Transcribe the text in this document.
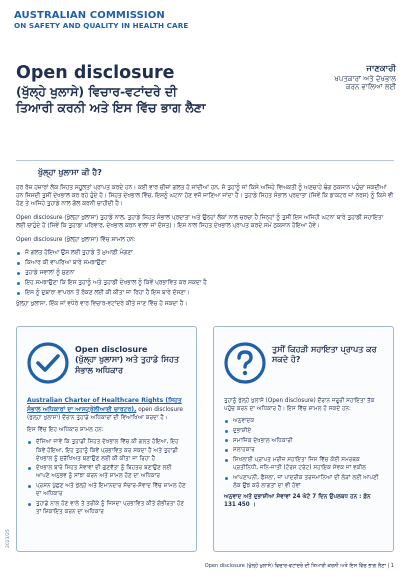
AUSTRALIAN COMMISSION
ON SAFETY AND QUALITY IN HEALTH CARE
ਜਾਣਕਾਰੀ
ਖਪਤਕਾਰਾਂ ਅਤੇ ਦੇਖਭਾਲ
ਕਰਨ ਵਾਲਿਆਂ ਲਈ
Open disclosure
(ਖੁੱਲ੍ਹੇ ਖੁਲਾਸੇ) ਵਿਚਾਰ-ਵਟਾਂਦਰੇ ਦੀ
ਤਿਆਰੀ ਕਰਨੀ ਅਤੇ ਇਸ ਵਿੱਚ ਭਾਗ ਲੈਣਾ
ਖੁੱਲ੍ਹਾ ਖੁਲਾਸਾ ਕੀ ਹੈ?

ਹਰ ਰੋਜ਼ ਹਜ਼ਾਰਾਂ ਲੋਕ ਸਿਹਤ ਸਹੂਲਤਾਂ ਪ੍ਰਾਪਤ ਕਰਦੇ ਹਨ। ਕਈ ਵਾਰ ਚੀਜ਼ਾਂ ਗਲਤ ਹੋ ਜਾਂਦੀਆਂ ਹਨ, ਜੋ ਤੁਹਾਨੂੰ ਜਾਂ ਕਿਸੇ ਅਜਿਹੇ ਵਿਅਕਤੀ ਨੂੰ ਅਣਚਾਹੇ ਢੰਗ ਨੁਕਸਾਨ ਪਹੁੰਚਾ ਸਕਦੀਆਂ ਹਨ ਜਿਸਦੀ ਤੁਸੀਂ ਦੇਖਭਾਲ ਕਰ ਰਹੇ ਹੁੰਦੇ ਹੋ। ਸਿਹਤ ਦੇਖਭਾਲ ਵਿੱਚ, ਇਸਨੂੰ ਘਟਨਾ ਹੋਣ ਵਜੋਂ ਜਾਣਿਆ ਜਾਂਦਾ ਹੈ। ਤੁਹਾਡੇ ਸਿਹਤ ਸੰਭਾਲ ਪ੍ਰਦਾਤਾ (ਜਿਵੇਂ ਕਿ ਡਾਕਟਰ ਜਾਂ ਨਰਸ) ਨੂੰ ਕਿਸੇ ਵੀ ਹੋਣ ਤੇ ਅਜਿਹੇ ਤੁਹਾਡੇ ਨਾਲ ਗੱਲ ਕਰਨੀ ਚਾਹੀਦੀ ਹੈ।

Open disclosure (ਖੁੱਲ੍ਹਾ ਖੁਲਾਸਾ) ਤੁਹਾਡੇ ਨਾਲ, ਤੁਹਾਡੇ ਸਿਹਤ ਸੰਭਾਲ ਪ੍ਰਦਾਤਾ ਅਤੇ ਉਨ੍ਹਾਂ ਲੋਕਾਂ ਨਾਲ ਚਰਚਾ ਹੈ ਜਿਨ੍ਹਾਂ ਨੂੰ ਤੁਸੀਂ ਇਸ ਅਜਿਹੀ ਘਟਨਾ ਬਾਰੇ ਤੁਹਾਡੀ ਸਹਾਇਤਾ ਲਈ ਚਾਹੁੰਦੇ ਹੋ (ਜਿਵੇਂ ਕਿ ਤੁਹਾਡਾ ਪਰਿਵਾਰ, ਦੇਖਭਾਲ ਕਰਨ ਵਾਲਾ ਜਾਂ ਦੋਸਤ)। ਇਸ ਨਾਲ ਸਿਹਤ ਦੇਖਭਾਲ ਪ੍ਰਾਪਤ ਕਰਦੇ ਸਮੇਂ ਨੁਕਸਾਨ ਹੋਇਆ ਹੋਵੇ।

Open disclosure (ਖੁੱਲ੍ਹਾ ਖੁਲਾਸਾ) ਵਿੱਚ ਸ਼ਾਮਲ ਹਨ:

ਜੋ ਗਲਤ ਹੋਇਆ ਉਸ ਲਈ ਤੁਹਾਡੇ ਤੋਂ ਮੁਆਫ਼ੀ ਮੰਗਣਾ
ਕਿਆਰ ਕੀ ਵਾਪਰਿਆ ਬਾਰੇ ਸਮਝਾਉਣਾ
ਤੁਹਾਡੇ ਸਵਾਲਾਂ ਨੂੰ ਸੁਣਨਾ
ਇਹ ਸਮਝਾਉਣਾ ਕਿ ਇਸ ਤੁਹਾਨੂੰ ਅਤੇ ਤੁਹਾਡੀ ਦੇਖਭਾਲ ਨੂੰ ਕਿਵੇਂ ਪ੍ਰਭਾਵਿਤ ਕਰ ਸਕਦਾ ਹੈ
ਇਸ ਨੂੰ ਦੁਬਾਰਾ ਵਾਪਰਨ ਤੋਂ ਰੋਕਣ ਲਈ ਕੀ ਕੀਤਾ ਜਾ ਰਿਹਾ ਹੈ ਇਸ ਬਾਰੇ ਦੱਸਣਾ।

ਖੁੱਲ੍ਹਾ ਖੁਲਾਸਾ, ਇੱਕ ਜਾਂ ਵਧੇਰੇ ਵਾਰ ਵਿਚਾਰ-ਵਟਾਂਦਰੇ ਕੀਤੇ ਜਾਣ ਵਿੱਚ ਹੋ ਸਕਦਾ ਹੈ।

Open disclosure
(ਖੁੱਲ੍ਹਾ ਖੁਲਾਸਾ) ਅਤੇ ਤੁਹਾਡੇ ਸਿਹਤ
ਸੰਭਾਲ ਅਧਿਕਾਰ

Australian Charter of Healthcare Rights (ਸਿਹਤ ਸੰਭਾਲ ਅਧਿਕਾਰਾਂ ਦਾ ਆਸਟ੍ਰੇਲੀਆਈ ਚਾਰਟਰ), open disclosure (ਖੁੱਲ੍ਹਾ ਖੁਲਾਸਾ) ਦੌਰਾਨ ਤੁਹਾਡੇ ਅਧਿਕਾਰਾਂ ਦੀ ਵਿਆਖਿਆ ਕਰਦਾ ਹੈ।

ਇਸ ਵਿੱਚ ਇਹ ਅਧਿਕਾਰ ਸ਼ਾਮਲ ਹਨ:

ਦੱਸਿਆ ਜਾਵੇ ਕਿ ਤੁਹਾਡੀ ਸਿਹਤ ਦੇਖਭਾਲ ਵਿੱਚ ਕੀ ਗਲਤ ਹੋਇਆ, ਇਹ ਕਿਵੇਂ ਹੋਇਆ, ਇਹ ਤੁਹਾਨੂੰ ਕਿਵੇਂ ਪ੍ਰਭਾਵਿਤ ਕਰ ਸਕਦਾ ਹੈ ਅਤੇ ਤੁਹਾਡੀ ਦੇਖਭਾਲ ਨੂੰ ਸੁਰੱਖਿਅਤ ਬਣਾਉਣ ਲਈ ਕੀ ਕੀਤਾ ਜਾ ਰਿਹਾ ਹੈ
ਦੇਖਭਾਲ ਬਾਰੇ ਸਿਹਤ ਸੇਵਾਵਾਂ ਦੀ ਗੁਣਵੱਤਾ ਨੂੰ ਬਿਹਤਰ ਬਣਾਉਣ ਲਈ ਆਪਣੇ ਅਨੁਭਵ ਨੂੰ ਸਾਂਝਾ ਕਰਨ ਅਤੇ ਸ਼ਾਮਲ ਹੋਣ ਦਾ ਅਧਿਕਾਰ
ਪ੍ਰਸ਼ਨ ਪੁੱਛਣ ਅਤੇ ਖੁੱਲ੍ਹੇ ਅਤੇ ਇਮਾਨਦਾਰ ਸੰਚਾਰ-ਸੰਵਾਦ ਵਿੱਚ ਸ਼ਾਮਲ ਹੋਣ ਦਾ ਅਧਿਕਾਰ
ਤੁਹਾਡੇ ਨਾਲ ਹੋਣ ਵਾਲੇ ਤੇ ਤਰੀਕੇ ਨੂੰ ਜਿਸਦਾ ਪ੍ਰਭਾਵਿਤ ਕੀਤੇ ਗੰਭੀਰਤਾ ਹੋਣ ਤਾਂ ਸ਼ਿਕਾਇਤ ਕਰਨ ਦਾ ਅਧਿਕਾਰ
ਤੁਸੀਂ ਕਿਹੜੀ ਸਹਾਇਤਾ ਪ੍ਰਾਪਤ ਕਰ
ਸਕਦੇ ਹੋ?

ਤੁਹਾਨੂੰ ਖੁੱਲ੍ਹੇ ਖੁਲਾਸੇ (Open disclosure) ਦੌਰਾਨ ਜਰੂਰੀ ਸਹਾਇਤਾ ਤੱਕ ਪਹੁੰਚ ਕਰਨ ਦਾ ਅਧਿਕਾਰ ਹੈ। ਇਸ ਵਿੱਚ ਸ਼ਾਮਲ ਹੋ ਸਕਦੇ ਹਨ:

ਅਨੁਵਾਦਕ
ਦੁਭਾਸ਼ੀਏ
ਸਮਾਜਿਕ ਦੇਖਭਾਲ ਅਧਿਕਾਰੀ
ਸਲਾਹਕਾਰ
ਸਿਖਲਾਈ ਪ੍ਰਾਪਤ ਮਰੀਜ਼ ਸਹਾਇਤਾ ਜਿਸ ਵਿੱਚ ਕੋਈ ਸਮਰਥਕ ਪ੍ਰਤੀਨਿਧੀ, ਜਨਿ-ਜਾਤੀ (ਟੋਰਸ ਟਰੇਟ) ਸਹਾਇਕ ਸੇਵਕ ਜਾਂ ਵਕੀਲ
ਆਪਣਾਪਨੀ, ਫੈਸਲਾ, ਜਾਂ ਪਾਦਰੀਕ ਤਰਜਮਾਨਿਆਂ ਦੀ ਲੋੜਾਂ ਲਈ ਆਪਣੀ ਲੋਕ ਉਂਝ ਕਰੋ ਲਾਗਤਾਂ ਦਾ ਵੀ ਹੋਵਾਂ

ਅਨੁਵਾਦ ਅਤੇ ਦੁਭਾਸ਼ੀਆ ਸੇਵਾਵਾਂ 24 ਘੰਟੇ 7 ਦਿਨ ਉਪਲਬਧ ਹਨ : ਫ਼ੋਨ 131 450 ।

2023/25
Open disclosure (ਖੁੱਲ੍ਹੇ ਖੁਲਾਸੇ) ਵਿਚਾਰ-ਵਟਾਂਦਰੇ ਦੀ ਤਿਆਰੀ ਕਰਨੀ ਅਤੇ ਇਸ ਵਿੱਚ ਭਾਗ ਲੈਣਾ | 1
